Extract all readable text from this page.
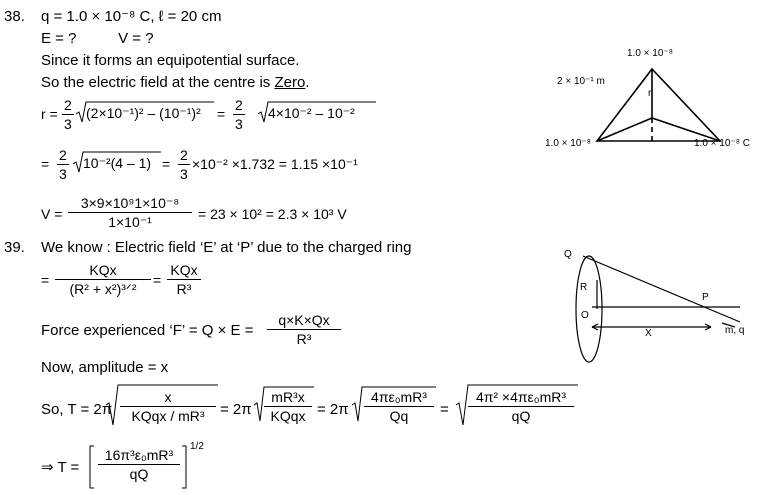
38. q = 1.0 × 10⁻⁸ C, ℓ = 20 cm
E = ?          V = ?
Since it forms an equipotential surface.
So the electric field at the centre is Zero.
$r = \frac{2}{3} (2\times 10^{-1})^2 - (10^{-1})^2 = \frac{2}{3} 4\times 10^{-2} - 10^{-2}$
= $\frac{2}{3} 10^{-2}(4 - 1) = \frac{2}{3} \times 10^{-2} \times 1.732 = 1.15 \times 10^{-1}$
$V = \frac{\text{3×9×10⁹1×10⁻⁸}}{\text{1×10⁻¹}} = 23 \times 10^2 = 2.3 \times 10^3$ V
39. We know : Electric field ‘E’ at ‘P’ due to the charged ring
=
KQx
(R² + x²)³ᐟ²
=
KQx
R³
Force experienced ‘F’ = $Q \times E = \frac{q\times K\times Qx}{\text{R³}}$
Now, amplitude = x
So, T = 2π
x
KQqx / mR³	= 2π
mR³x
KQqx = $2\pi \frac{\text{4πε₀mR³}}{Qq} = \frac{\text{4π² ×4πε₀mR³}}{qQ}$
⇒ $T = \frac{\text{16π³ε₀mR³}}{qQ}$
1/2
1.0 × 10⁻⁸
2 × 10⁻¹ m
r
1.0 × 10⁻⁸	1.0 × 10⁻⁸ C
Q
R
O
P
X	m, q
